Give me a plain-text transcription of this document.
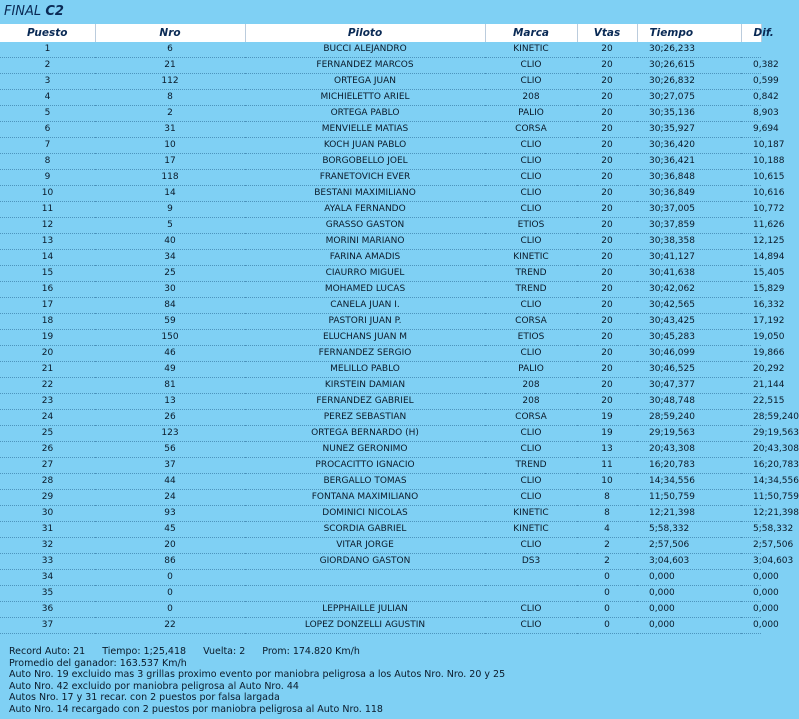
FINAL C2
Puesto	Nro	Piloto	Marca	Vtas	Tiempo	Dif.
1	6	BUCCI ALEJANDRO	KINETIC	20	30;26,233	
2	21	FERNANDEZ MARCOS	CLIO	20	30;26,615	0,382
3	112	ORTEGA JUAN	CLIO	20	30;26,832	0,599
4	8	MICHIELETTO ARIEL	208	20	30;27,075	0,842
5	2	ORTEGA PABLO	PALIO	20	30;35,136	8,903
6	31	MENVIELLE MATIAS	CORSA	20	30;35,927	9,694
7	10	KOCH JUAN PABLO	CLIO	20	30;36,420	10,187
8	17	BORGOBELLO JOEL	CLIO	20	30;36,421	10,188
9	118	FRANETOVICH EVER	CLIO	20	30;36,848	10,615
10	14	BESTANI MAXIMILIANO	CLIO	20	30;36,849	10,616
11	9	AYALA FERNANDO	CLIO	20	30;37,005	10,772
12	5	GRASSO GASTON	ETIOS	20	30;37,859	11,626
13	40	MORINI MARIANO	CLIO	20	30;38,358	12,125
14	34	FARINA AMADIS	KINETIC	20	30;41,127	14,894
15	25	CIAURRO MIGUEL	TREND	20	30;41,638	15,405
16	30	MOHAMED LUCAS	TREND	20	30;42,062	15,829
17	84	CANELA JUAN I.	CLIO	20	30;42,565	16,332
18	59	PASTORI JUAN P.	CORSA	20	30;43,425	17,192
19	150	ELUCHANS JUAN M	ETIOS	20	30;45,283	19,050
20	46	FERNANDEZ SERGIO	CLIO	20	30;46,099	19,866
21	49	MELILLO PABLO	PALIO	20	30;46,525	20,292
22	81	KIRSTEIN DAMIAN	208	20	30;47,377	21,144
23	13	FERNANDEZ GABRIEL	208	20	30;48,748	22,515
24	26	PEREZ SEBASTIAN	CORSA	19	28;59,240	28;59,240
25	123	ORTEGA BERNARDO (H)	CLIO	19	29;19,563	29;19,563
26	56	NUNEZ GERONIMO	CLIO	13	20;43,308	20;43,308
27	37	PROCACITTO IGNACIO	TREND	11	16;20,783	16;20,783
28	44	BERGALLO TOMAS	CLIO	10	14;34,556	14;34,556
29	24	FONTANA MAXIMILIANO	CLIO	8	11;50,759	11;50,759
30	93	DOMINICI NICOLAS	KINETIC	8	12;21,398	12;21,398
31	45	SCORDIA GABRIEL	KINETIC	4	5;58,332	5;58,332
32	20	VITAR JORGE	CLIO	2	2;57,506	2;57,506
33	86	GIORDANO GASTON	DS3	2	3;04,603	3;04,603
34	0			0	0,000	0,000
35	0			0	0,000	0,000
36	0	LEPPHAILLE JULIAN	CLIO	0	0,000	0,000
37	22	LOPEZ DONZELLI AGUSTIN	CLIO	0	0,000	0,000
Record Auto: 21 Tiempo: 1;25,418 Vuelta: 2 Prom: 174.820 Km/h
Promedio del ganador: 163.537 Km/h
Auto Nro. 19 excluido mas 3 grillas proximo evento por maniobra peligrosa a los Autos Nro. Nro. 20 y 25
Auto Nro. 42 excluido por maniobra peligrosa al Auto Nro. 44
Autos Nro. 17 y 31 recar. con 2 puestos por falsa largada
Auto Nro. 14 recargado con 2 puestos por maniobra peligrosa al Auto Nro. 118
